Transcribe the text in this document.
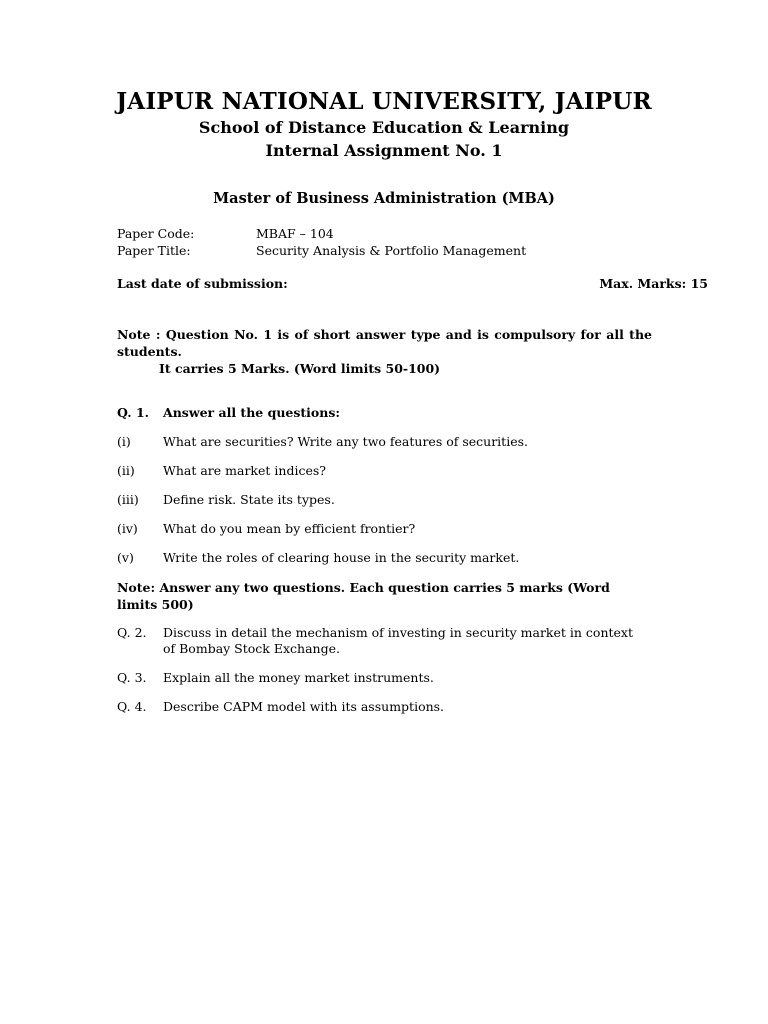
JAIPUR NATIONAL UNIVERSITY, JAIPUR
School of Distance Education & Learning
Internal Assignment No. 1
Master of Business Administration (MBA)
Paper Code:	MBAF – 104
Paper Title:	Security Analysis & Portfolio Management
Last date of submission:	Max. Marks: 15
Note : Question No. 1 is of short answer type and is compulsory for all the students.
It carries 5 Marks. (Word limits 50-100)
Q. 1. Answer all the questions:
(i)	What are securities? Write any two features of securities.
(ii) What are market indices?
(iii) Define risk. State its types.
(iv) What do you mean by efficient frontier?
(v) Write the roles of clearing house in the security market.
Note: Answer any two questions. Each question carries 5 marks (Word limits 500)
Q. 2. Discuss in detail the mechanism of investing in security market in context of Bombay Stock Exchange.
Q. 3. Explain all the money market instruments.
Q. 4. Describe CAPM model with its assumptions.
